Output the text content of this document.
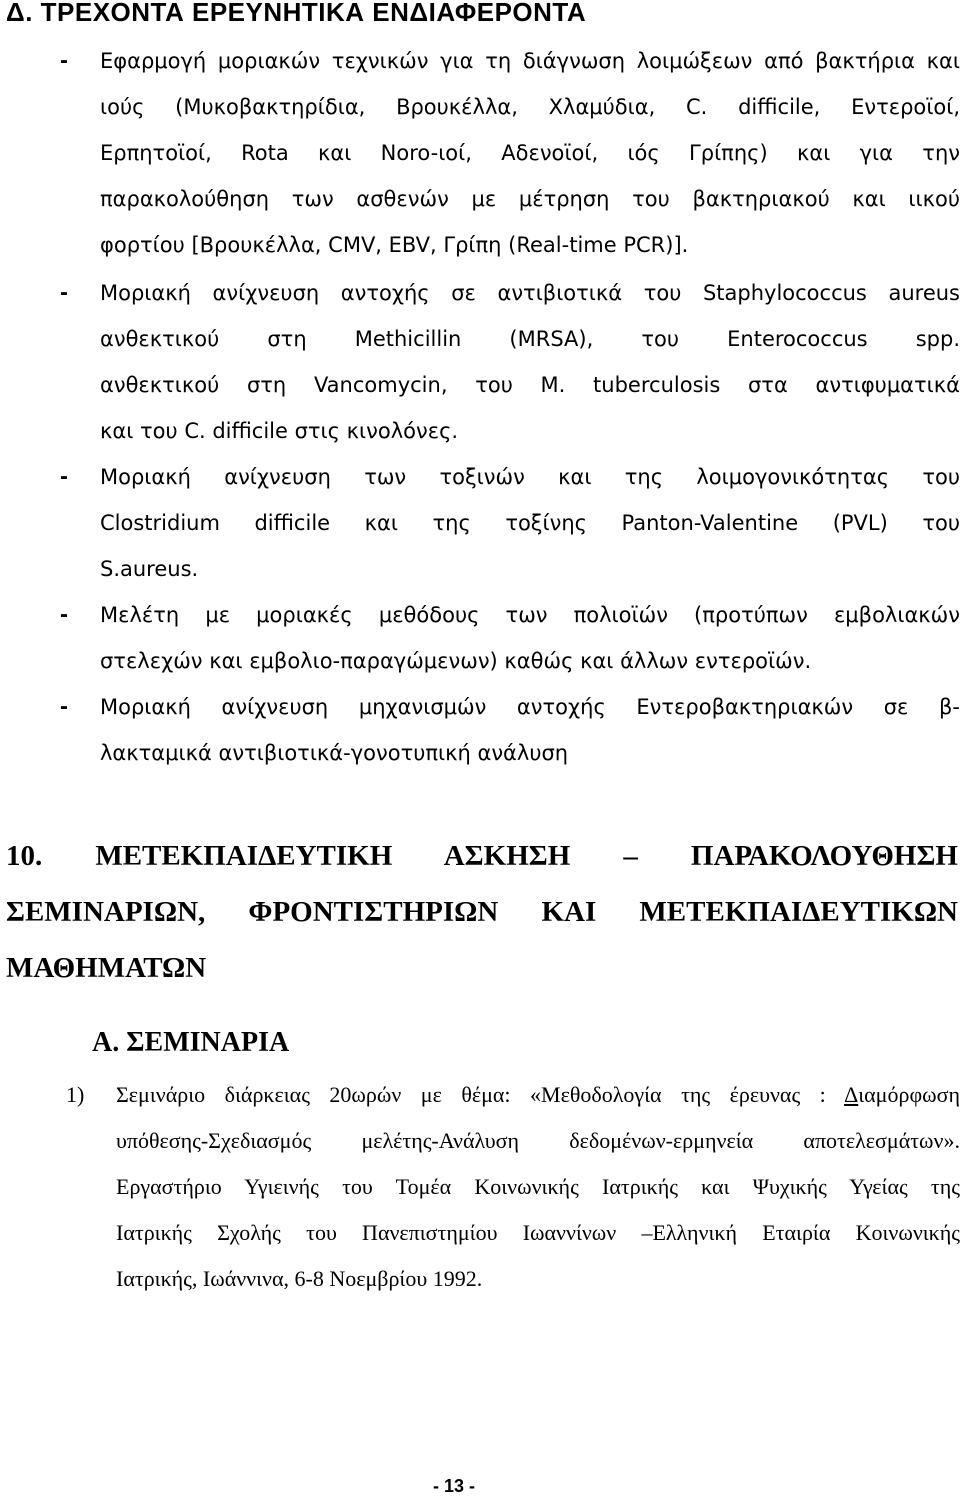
Δ. ΤΡΕΧΟΝΤΑ ΕΡΕΥΝΗΤΙΚΑ ΕΝΔΙΑΦΕΡΟΝΤΑ
- Εφαρμογή μοριακών τεχνικών για τη διάγνωση λοιμώξεων από βακτήρια και
ιούς (Μυκοβακτηρίδια, Βρουκέλλα, Χλαμύδια, C. difficile, Εντεροϊοί,
Ερπητοϊοί, Rota και Noro-ιοί, Αδενοϊοί, ιός Γρίπης) και για την
παρακολούθηση των ασθενών με μέτρηση του βακτηριακού και ιικού
φορτίου [Βρουκέλλα, CMV, EBV, Γρίπη (Real-time PCR)].
- Μοριακή ανίχνευση αντοχής σε αντιβιοτικά του Staphylococcus aureus
ανθεκτικού στη Methicillin (MRSA), του Enterococcus spp.
ανθεκτικού στη Vancomycin, του M. tuberculosis στα αντιφυματικά
και του C. difficile στις κινολόνες.
- Μοριακή ανίχνευση των τοξινών και της λοιμογονικότητας του
Clostridium difficile και της τοξίνης Panton-Valentine (PVL) του
S.aureus.
- Μελέτη με μοριακές μεθόδους των πολιοϊών (προτύπων εμβολιακών
στελεχών και εμβολιο-παραγώμενων) καθώς και άλλων εντεροϊών.
- Μοριακή ανίχνευση μηχανισμών αντοχής Εντεροβακτηριακών σε β-
λακταμικά αντιβιοτικά-γονοτυπική ανάλυση
10. ΜΕΤΕΚΠΑΙΔΕΥΤΙΚΗ ΑΣΚΗΣΗ – ΠΑΡΑΚΟΛΟΥΘΗΣΗ
ΣΕΜΙΝΑΡΙΩΝ, ΦΡΟΝΤΙΣΤΗΡΙΩΝ ΚΑΙ ΜΕΤΕΚΠΑΙΔΕΥΤΙΚΩΝ
ΜΑΘΗΜΑΤΩΝ
Α. ΣΕΜΙΝΑΡΙΑ
1) Σεμινάριο διάρκειας 20ωρών με θέμα: «Μεθοδολογία της έρευνας : Διαμόρφωση
υπόθεσης-Σχεδιασμός μελέτης-Ανάλυση δεδομένων-ερμηνεία αποτελεσμάτων».
Εργαστήριο Υγιεινής του Τομέα Κοινωνικής Ιατρικής και Ψυχικής Υγείας της
Ιατρικής Σχολής του Πανεπιστημίου Ιωαννίνων –Ελληνική Εταιρία Κοινωνικής
Ιατρικής, Ιωάννινα, 6-8 Νοεμβρίου 1992.
- 13 -
